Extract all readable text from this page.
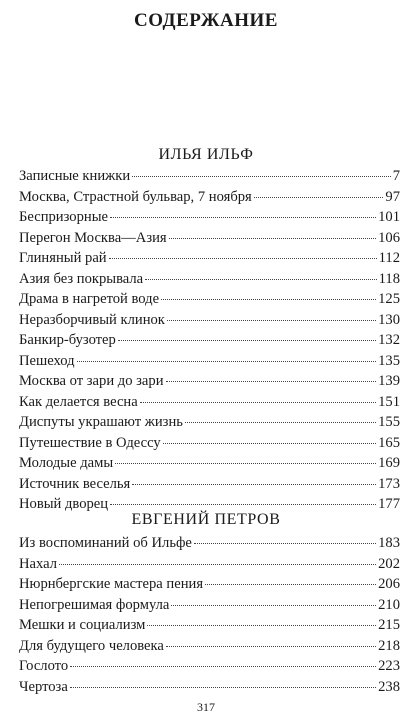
СОДЕРЖАНИЕ
ИЛЬЯ ИЛЬФ
Записные книжки	7
Москва, Страстной бульвар, 7 ноября	97
Беспризорные	101
Перегон Москва—Азия	106
Глиняный рай	112
Азия без покрывала	118
Драма в нагретой воде	125
Неразборчивый клинок	130
Банкир-бузотер	132
Пешеход	135
Москва от зари до зари	139
Как делается весна	151
Диспуты украшают жизнь	155
Путешествие в Одессу	165
Молодые дамы	169
Источник веселья	173
Новый дворец	177
ЕВГЕНИЙ ПЕТРОВ
Из воспоминаний об Ильфе	183
Нахал	202
Нюрнбергские мастера пения	206
Непогрешимая формула	210
Мешки и социализм	215
Для будущего человека	218
Гослото	223
Чертоза	238
317
